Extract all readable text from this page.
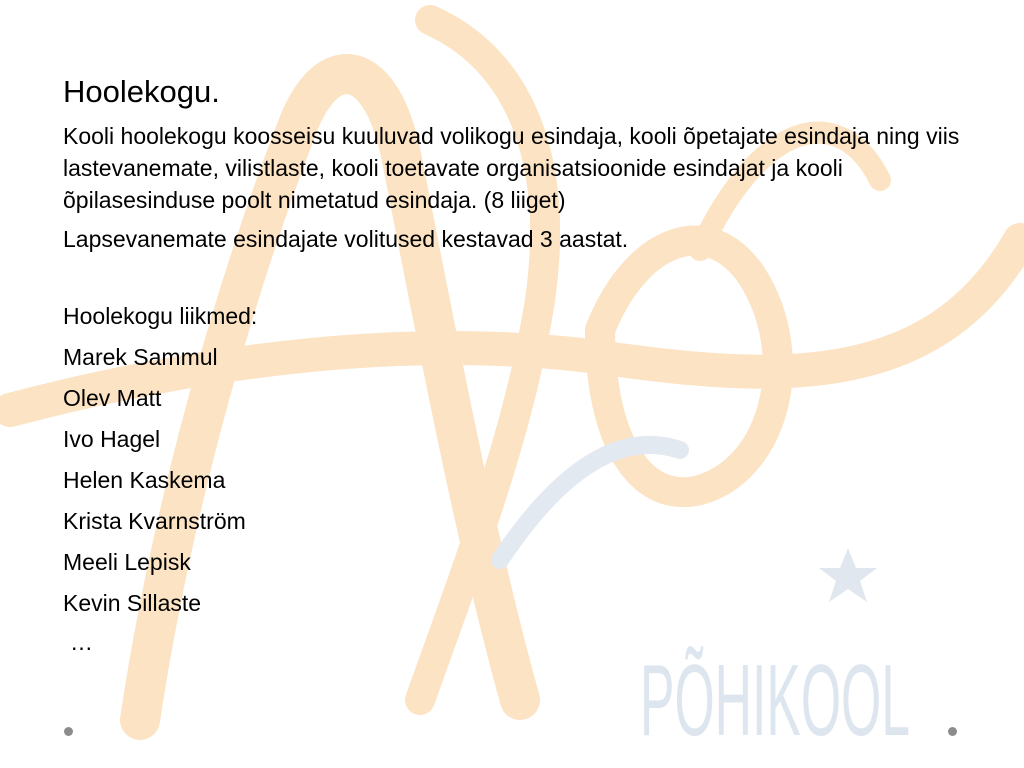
PÕHIKOOL
Hoolekogu.
Kooli hoolekogu koosseisu kuuluvad volikogu esindaja, kooli õpetajate esindaja ning viis lastevanemate, vilistlaste, kooli toetavate organisatsioonide esindajat ja kooli õpilasesinduse poolt nimetatud esindaja. (8 liiget)
Lapsevanemate esindajate volitused kestavad 3 aastat.
Hoolekogu liikmed:
Marek Sammul
Olev Matt
Ivo Hagel
Helen Kaskema
Krista Kvarnström
Meeli Lepisk
Kevin Sillaste
…
